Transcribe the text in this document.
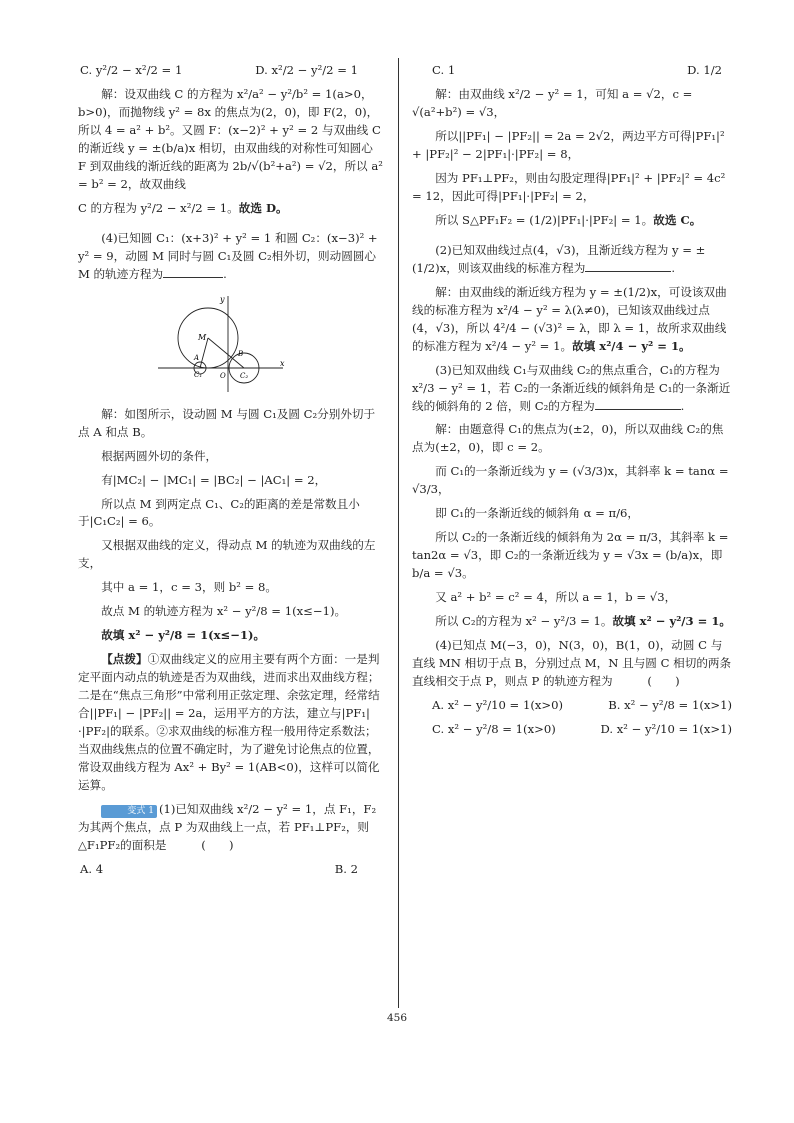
C. y²/2 − x²/2 = 1	D. x²/2 − y²/2 = 1

解：设双曲线 C 的方程为 x²/a² − y²/b² = 1(a>0，b>0)，而抛物线 y² = 8x 的焦点为(2，0)，即 F(2，0)，所以 4 = a² + b²。又圆 F：(x−2)² + y² = 2 与双曲线 C 的渐近线 y = ±(b/a)x 相切，由双曲线的对称性可知圆心 F 到双曲线的渐近线的距离为 2b/√(b²+a²) = √2，所以 a² = b² = 2，故双曲线

C 的方程为 y²/2 − x²/2 = 1。故选 D。

(4)已知圆 C₁：(x+3)² + y² = 1 和圆 C₂：(x−3)² + y² = 9，动圆 M 同时与圆 C₁及圆 C₂相外切，则动圆圆心 M 的轨迹方程为	.

x
y
M
A	B
C₁	O C₂

解：如图所示，设动圆 M 与圆 C₁及圆 C₂分别外切于点 A 和点 B。

根据两圆外切的条件，

有|MC₂| − |MC₁| = |BC₂| − |AC₁| = 2，

所以点 M 到两定点 C₁、C₂的距离的差是常数且小于|C₁C₂| = 6。

又根据双曲线的定义，得动点 M 的轨迹为双曲线的左支，

其中 a = 1，c = 3，则 b² = 8。

故点 M 的轨迹方程为 x² − y²/8 = 1(x≤−1)。

故填 x² − y²/8 = 1(x≤−1)。

【点拨】①双曲线定义的应用主要有两个方面：一是判定平面内动点的轨迹是否为双曲线，进而求出双曲线方程；二是在“焦点三角形”中常利用正弦定理、余弦定理，经常结合||PF₁| − |PF₂|| = 2a，运用平方的方法，建立与|PF₁|·|PF₂|的联系。②求双曲线的标准方程一般用待定系数法；当双曲线焦点的位置不确定时，为了避免讨论焦点的位置，常设双曲线方程为 Ax² + By² = 1(AB<0)，这样可以简化运算。

变式 1 (1)已知双曲线 x²/2 − y² = 1，点 F₁，F₂为其两个焦点，点 P 为双曲线上一点，若 PF₁⊥PF₂，则△F₁PF₂的面积是　	(　　)

A. 4	B. 2
C. 1	D. 1/2

解：由双曲线 x²/2 − y² = 1，可知 a = √2，c = √(a²+b²) = √3，

所以||PF₁| − |PF₂|| = 2a = 2√2，两边平方可得|PF₁|² + |PF₂|² − 2|PF₁|·|PF₂| = 8，

因为 PF₁⊥PF₂，则由勾股定理得|PF₁|² + |PF₂|² = 4c² = 12，因此可得|PF₁|·|PF₂| = 2，

所以 S△PF₁F₂ = (1/2)|PF₁|·|PF₂| = 1。故选 C。

(2)已知双曲线过点(4，√3)，且渐近线方程为 y = ±(1/2)x，则该双曲线的标准方程为	.

解：由双曲线的渐近线方程为 y = ±(1/2)x，可设该双曲线的标准方程为 x²/4 − y² = λ(λ≠0)，已知该双曲线过点(4，√3)，所以 4²/4 − (√3)² = λ，即 λ = 1，故所求双曲线的标准方程为 x²/4 − y² = 1。故填 x²/4 − y² = 1。

(3)已知双曲线 C₁与双曲线 C₂的焦点重合，C₁的方程为 x²/3 − y² = 1，若 C₂的一条渐近线的倾斜角是 C₁的一条渐近线的倾斜角的 2 倍，则 C₂的方程为	.

解：由题意得 C₁的焦点为(±2，0)，所以双曲线 C₂的焦点为(±2，0)，即 c = 2。

而 C₁的一条渐近线为 y = (√3/3)x，其斜率 k = tanα = √3/3，

即 C₁的一条渐近线的倾斜角 α = π/6，

所以 C₂的一条渐近线的倾斜角为 2α = π/3，其斜率 k = tan2α = √3，即 C₂的一条渐近线为 y = √3x = (b/a)x，即 b/a = √3。

又 a² + b² = c² = 4，所以 a = 1，b = √3，

所以 C₂的方程为 x² − y²/3 = 1。故填 x² − y²/3 = 1。

(4)已知点 M(−3，0)，N(3，0)，B(1，0)，动圆 C 与直线 MN 相切于点 B，分别过点 M，N 且与圆 C 相切的两条直线相交于点 P，则点 P 的轨迹方程为　	(　　)

A. x² − y²/10 = 1(x>0)	B. x² − y²/8 = 1(x>1)
C. x² − y²/8 = 1(x>0)	D. x² − y²/10 = 1(x>1)
456
